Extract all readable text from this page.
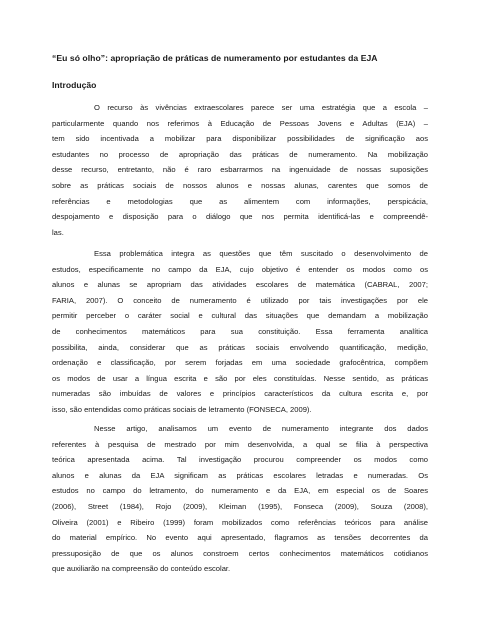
“Eu só olho”: apropriação de práticas de numeramento por estudantes da EJA
Introdução
O recurso às vivências extraescolares parece ser uma estratégia que a escola –
particularmente quando nos referimos à Educação de Pessoas Jovens e Adultas (EJA) –
tem sido incentivada a mobilizar para disponibilizar possibilidades de significação aos
estudantes no processo de apropriação das práticas de numeramento. Na mobilização
desse recurso, entretanto, não é raro esbarrarmos na ingenuidade de nossas suposições
sobre as práticas sociais de nossos alunos e nossas alunas, carentes que somos de
referências e metodologias que as alimentem com informações, perspicácia,
despojamento e disposição para o diálogo que nos permita identificá-las e compreendê-
las.
Essa problemática integra as questões que têm suscitado o desenvolvimento de
estudos, especificamente no campo da EJA, cujo objetivo é entender os modos como os
alunos e alunas se apropriam das atividades escolares de matemática (CABRAL, 2007;
FARIA, 2007). O conceito de numeramento é utilizado por tais investigações por ele
permitir perceber o caráter social e cultural das situações que demandam a mobilização
de conhecimentos matemáticos para sua constituição. Essa ferramenta analítica
possibilita, ainda, considerar que as práticas sociais envolvendo quantificação, medição,
ordenação e classificação, por serem forjadas em uma sociedade grafocêntrica, compõem
os modos de usar a língua escrita e são por eles constituídas. Nesse sentido, as práticas
numeradas são imbuídas de valores e princípios característicos da cultura escrita e, por
isso, são entendidas como práticas sociais de letramento (FONSECA, 2009).
Nesse artigo, analisamos um evento de numeramento integrante dos dados
referentes à pesquisa de mestrado por mim desenvolvida, a qual se filia à perspectiva
teórica apresentada acima. Tal investigação procurou compreender os modos como
alunos e alunas da EJA significam as práticas escolares letradas e numeradas. Os
estudos no campo do letramento, do numeramento e da EJA, em especial os de Soares
(2006), Street (1984), Rojo (2009), Kleiman (1995), Fonseca (2009), Souza (2008),
Oliveira (2001) e Ribeiro (1999) foram mobilizados como referências teóricos para análise
do material empírico. No evento aqui apresentado, flagramos as tensões decorrentes da
pressuposição de que os alunos constroem certos conhecimentos matemáticos cotidianos
que auxiliarão na compreensão do conteúdo escolar.
